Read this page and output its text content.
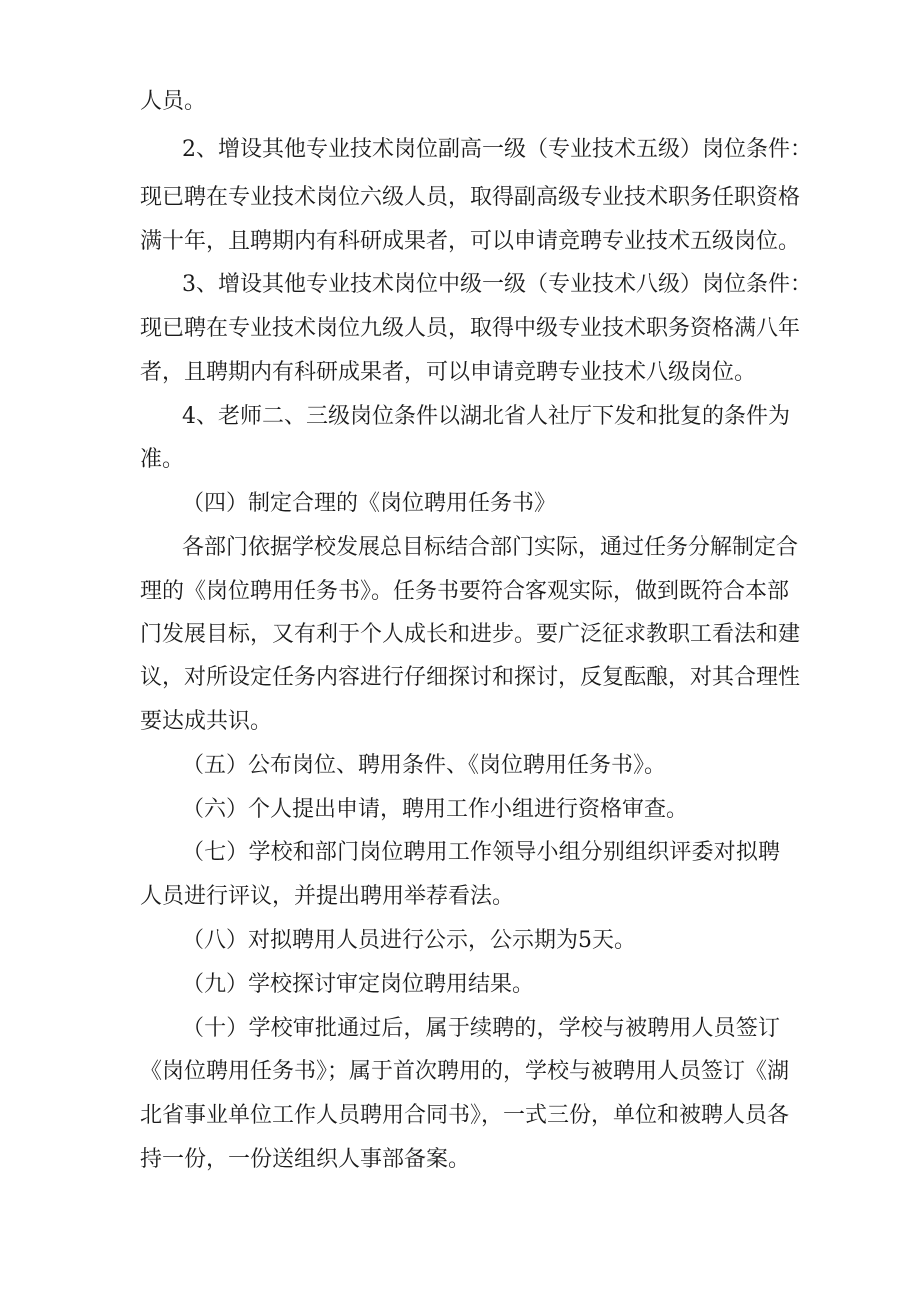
人员。
2、增设其他专业技术岗位副高一级（专业技术五级）岗位条件：
现已聘在专业技术岗位六级人员，取得副高级专业技术职务任职资格
满十年，且聘期内有科研成果者，可以申请竞聘专业技术五级岗位。
3、增设其他专业技术岗位中级一级（专业技术八级）岗位条件：
现已聘在专业技术岗位九级人员，取得中级专业技术职务资格满八年
者，且聘期内有科研成果者，可以申请竞聘专业技术八级岗位。
4、老师二、三级岗位条件以湖北省人社厅下发和批复的条件为
准。
（四）制定合理的《岗位聘用任务书》
各部门依据学校发展总目标结合部门实际，通过任务分解制定合
理的《岗位聘用任务书》。任务书要符合客观实际，做到既符合本部
门发展目标，又有利于个人成长和进步。要广泛征求教职工看法和建
议，对所设定任务内容进行仔细探讨和探讨，反复酝酿，对其合理性
要达成共识。
（五）公布岗位、聘用条件、《岗位聘用任务书》。
（六）个人提出申请，聘用工作小组进行资格审查。
（七）学校和部门岗位聘用工作领导小组分别组织评委对拟聘
人员进行评议，并提出聘用举荐看法。
（八）对拟聘用人员进行公示，公示期为5天。
（九）学校探讨审定岗位聘用结果。
（十）学校审批通过后，属于续聘的，学校与被聘用人员签订
《岗位聘用任务书》；属于首次聘用的，学校与被聘用人员签订《湖
北省事业单位工作人员聘用合同书》，一式三份，单位和被聘人员各
持一份，一份送组织人事部备案。
